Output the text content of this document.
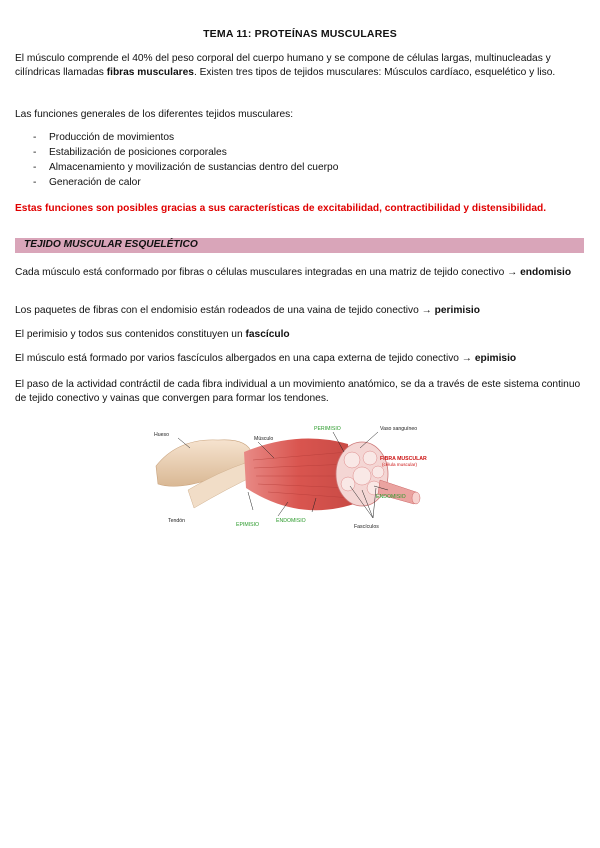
TEMA 11: PROTEÍNAS MUSCULARES
El músculo comprende el 40% del peso corporal del cuerpo humano y se compone de células largas, multinucleadas y cilíndricas llamadas fibras musculares. Existen tres tipos de tejidos musculares: Músculos cardíaco, esquelético y liso.
Las funciones generales de los diferentes tejidos musculares:
- Producción de movimientos
- Estabilización de posiciones corporales
- Almacenamiento y movilización de sustancias dentro del cuerpo
- Generación de calor
Estas funciones son posibles gracias a sus características de excitabilidad, contractibilidad y distensibilidad.
TEJIDO MUSCULAR ESQUELÉTICO
Cada músculo está conformado por fibras o células musculares integradas en una matriz de tejido conectivo → endomisio
Los paquetes de fibras con el endomisio están rodeados de una vaina de tejido conectivo → perimisio
El perimisio y todos sus contenidos constituyen un fascículo
El músculo está formado por varios fascículos albergados en una capa externa de tejido conectivo → epimisio
El paso de la actividad contráctil de cada fibra individual a un movimiento anatómico, se da a través de este sistema continuo de tejido conectivo y vainas que convergen para formar los tendones.
Hueso
Músculo
PERIMISIO	Vaso sanguíneo
FIBRA MUSCULAR
(célula muscular)
ENDOMISIO
Tendón
EPIMISIO
ENDOMISIO
Fascículos
